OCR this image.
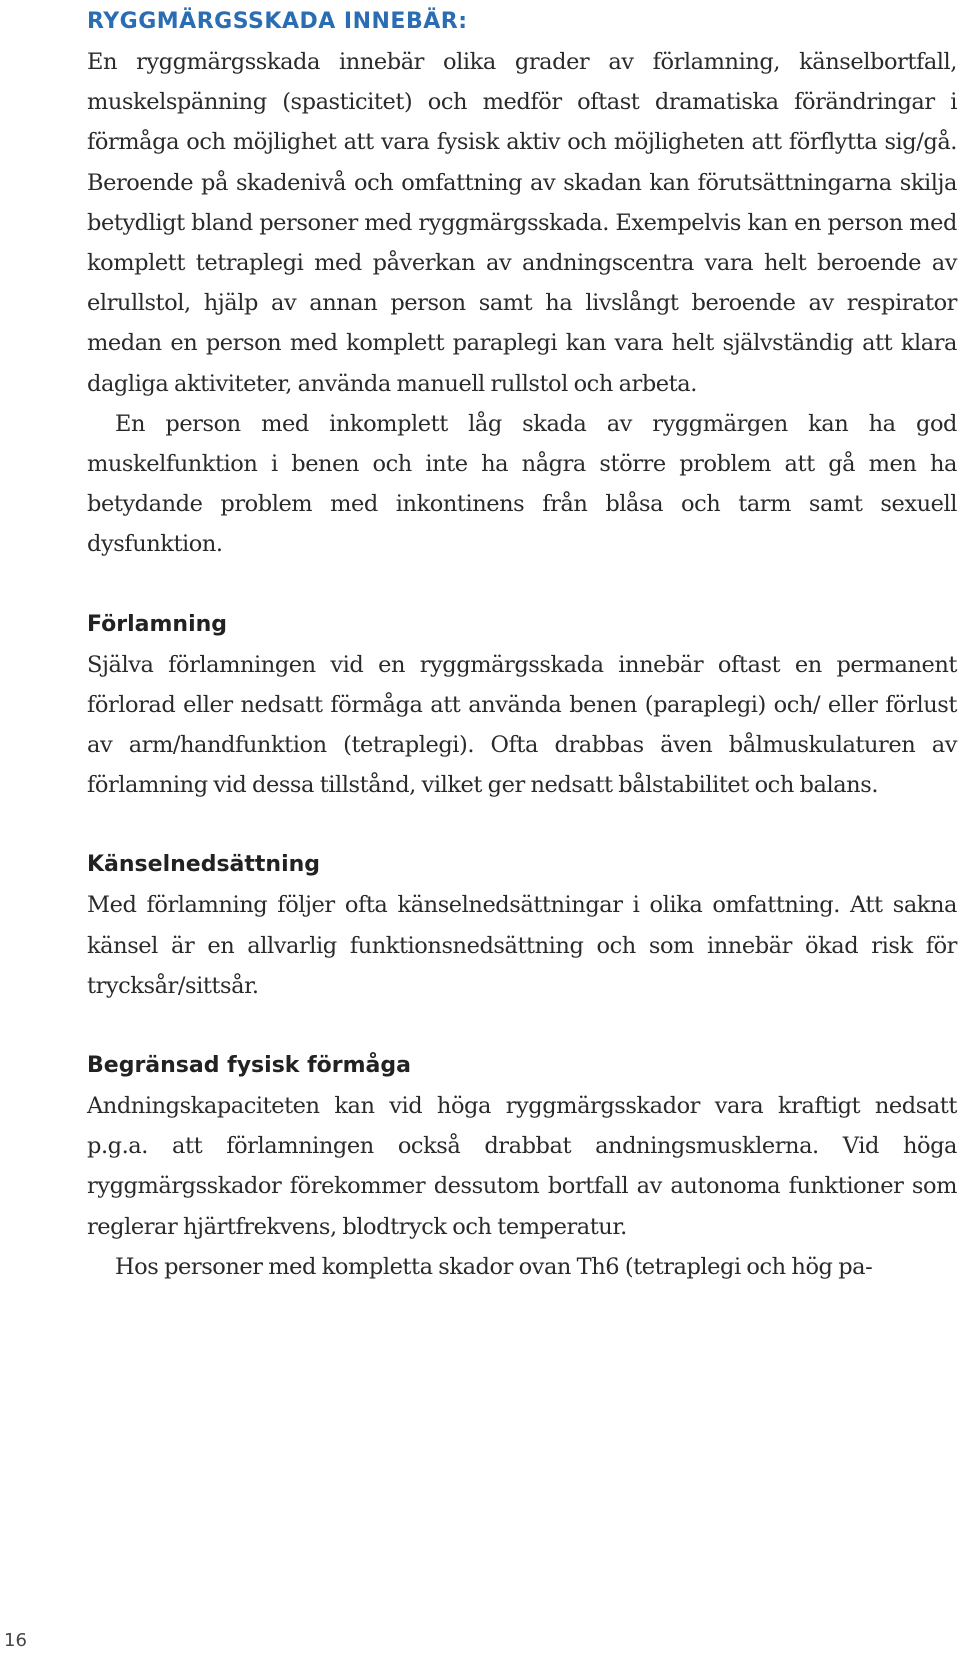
RYGGMÄRGSSKADA INNEBÄR:

En ryggmärgsskada innebär olika grader av förlamning, känselbortfall, muskelspänning (spasticitet) och medför oftast dramatiska förändringar i förmåga och möjlighet att vara fysisk aktiv och möjligheten att förflytta sig/gå. Beroende på skadenivå och omfattning av skadan kan förutsättningarna skilja betydligt bland personer med ryggmärgsskada. Exempelvis kan en person med komplett tetraplegi med påverkan av andningscentra vara helt beroende av elrullstol, hjälp av annan person samt ha livslångt beroende av respirator medan en person med komplett paraplegi kan vara helt självständig att klara dagliga aktiviteter, använda manuell rullstol och arbeta.

En person med inkomplett låg skada av ryggmärgen kan ha god muskelfunktion i benen och inte ha några större problem att gå men ha betydande problem med inkontinens från blåsa och tarm samt sexuell dysfunktion.

Förlamning

Själva förlamningen vid en ryggmärgsskada innebär oftast en permanent förlorad eller nedsatt förmåga att använda benen (paraplegi) och/ eller förlust av arm/handfunktion (tetraplegi). Ofta drabbas även bålmuskulaturen av förlamning vid dessa tillstånd, vilket ger nedsatt bålstabilitet och balans.

Känselnedsättning

Med förlamning följer ofta känselnedsättningar i olika omfattning. Att sakna känsel är en allvarlig funktionsnedsättning och som innebär ökad risk för trycksår/sittsår.

Begränsad fysisk förmåga

Andningskapaciteten kan vid höga ryggmärgsskador vara kraftigt nedsatt p.g.a. att förlamningen också drabbat andningsmusklerna. Vid höga ryggmärgsskador förekommer dessutom bortfall av autonoma funktioner som reglerar hjärtfrekvens, blodtryck och temperatur.

Hos personer med kompletta skador ovan Th6 (tetraplegi och hög pa-

16
